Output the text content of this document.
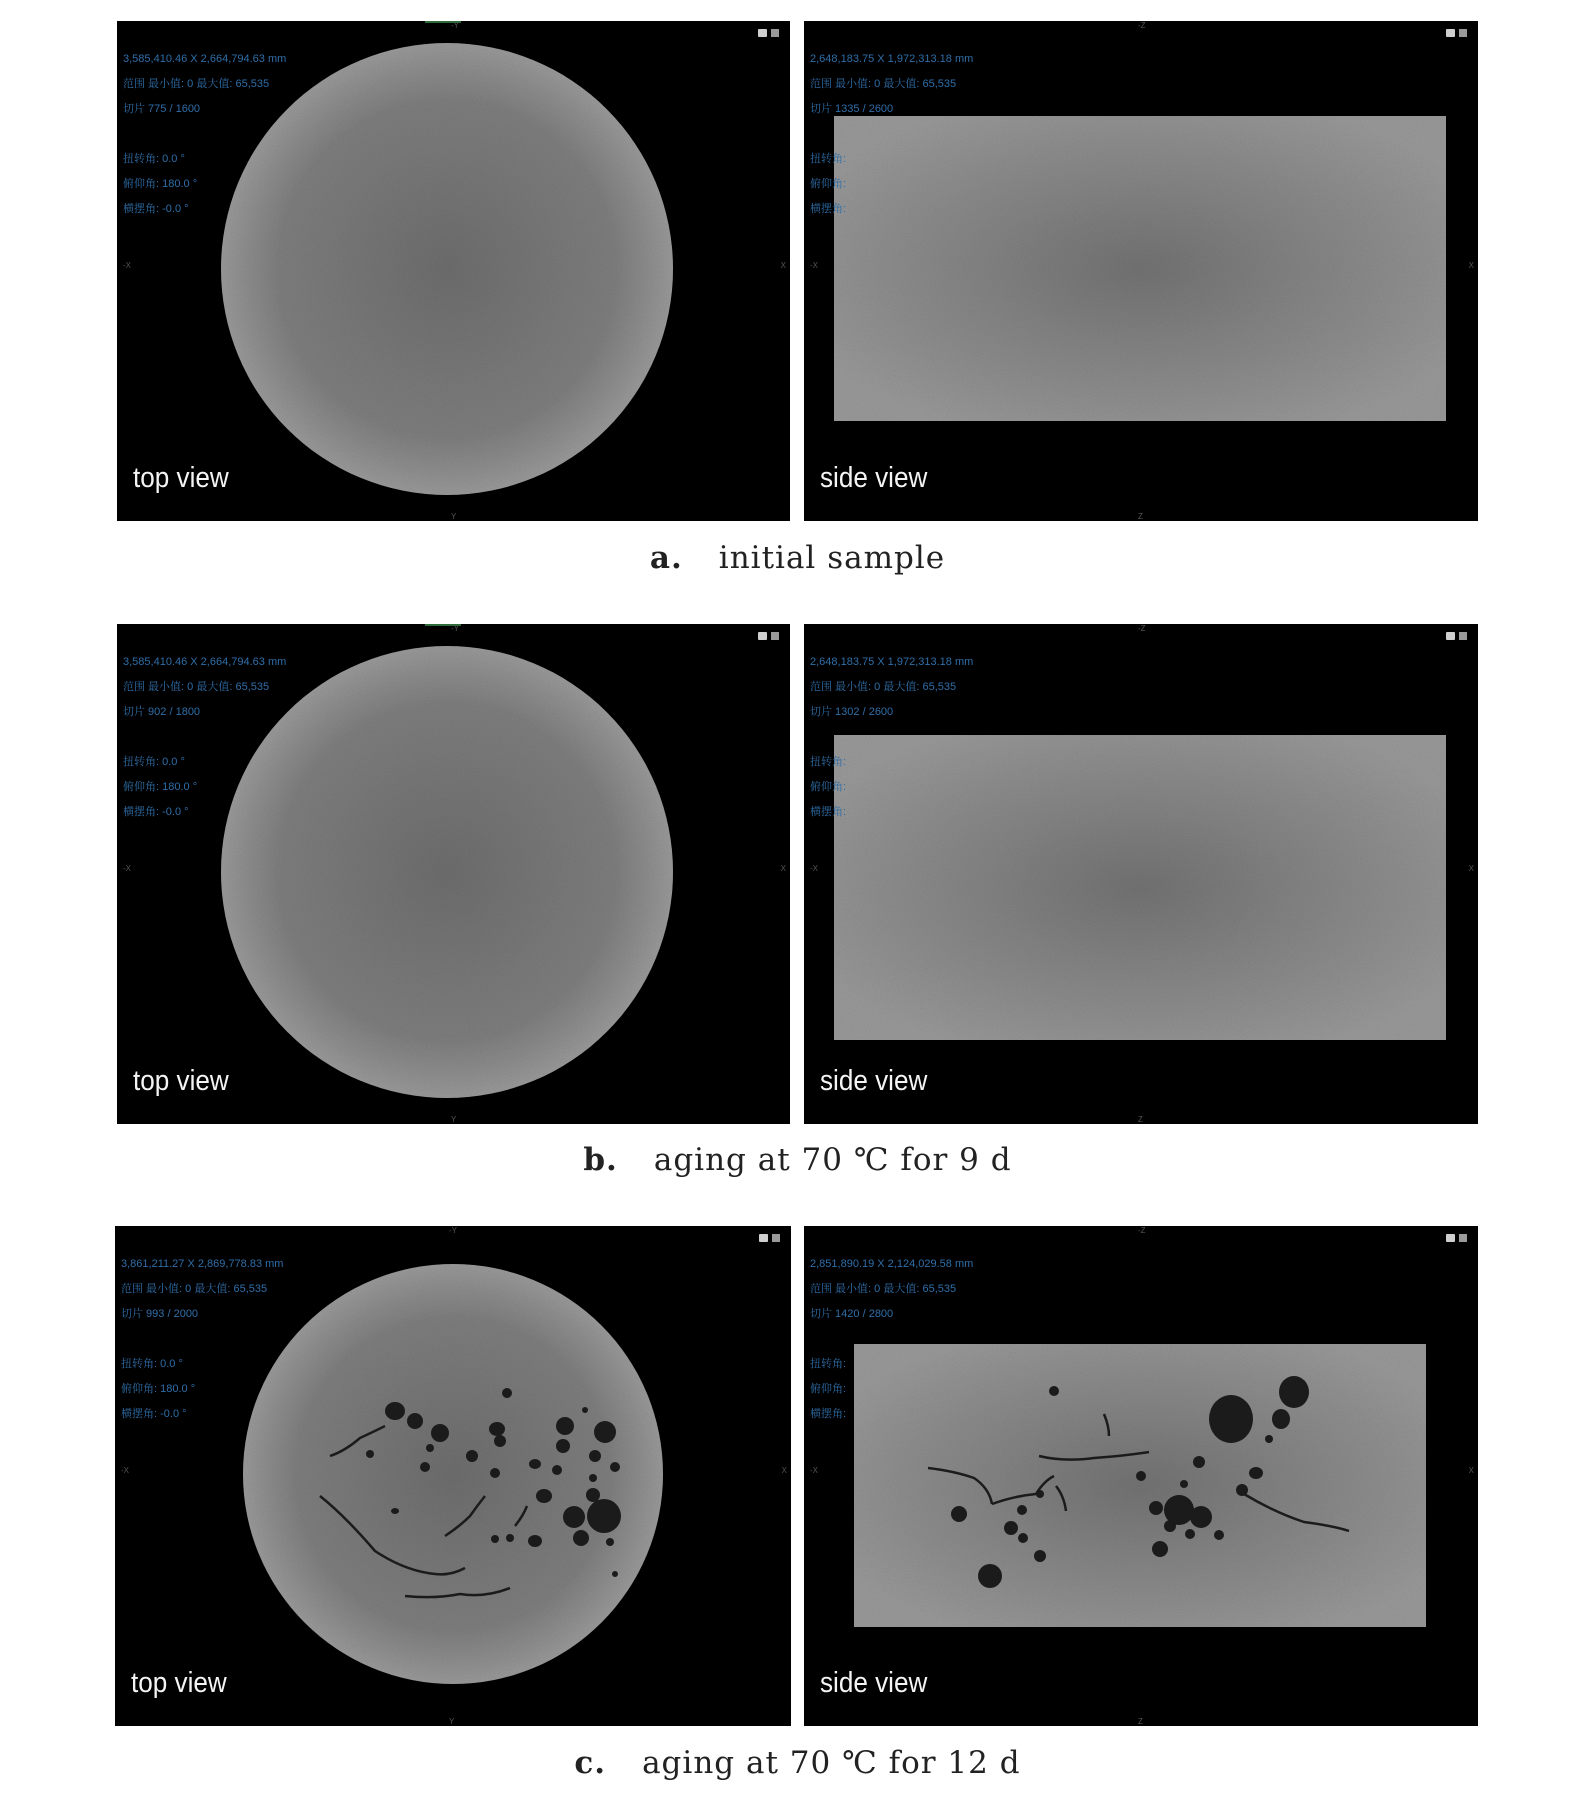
3,585,410.46 X 2,664,794.63 mm
范围 最小值: 0 最大值: 65,535
切片 775 / 1600
扭转角: 0.0 °
俯仰角: 180.0 °
横摆角: -0.0 °
-Y
-X	X
Y
top view
2,648,183.75 X 1,972,313.18 mm
范围 最小值: 0 最大值: 65,535
切片 1335 / 2600
扭转角:
俯仰角:
横摆角:
-Z
-X	X
Z
side view
a. initial sample
3,585,410.46 X 2,664,794.63 mm
范围 最小值: 0 最大值: 65,535
切片 902 / 1800
扭转角: 0.0 °
俯仰角: 180.0 °
横摆角: -0.0 °
-Y
-X	X
Y
top view
2,648,183.75 X 1,972,313.18 mm
范围 最小值: 0 最大值: 65,535
切片 1302 / 2600
扭转角:
俯仰角:
横摆角:
-Z
-X	X
Z
side view
b. aging at 70 ℃ for 9 d
3,861,211.27 X 2,869,778.83 mm
范围 最小值: 0 最大值: 65,535
切片 993 / 2000
扭转角: 0.0 °
俯仰角: 180.0 °
横摆角: -0.0 °
-Y
-X	X
Y
top view
2,851,890.19 X 2,124,029.58 mm
范围 最小值: 0 最大值: 65,535
切片 1420 / 2800
扭转角:
俯仰角:
横摆角:
-Z
-X	X
Z
side view
c. aging at 70 ℃ for 12 d
